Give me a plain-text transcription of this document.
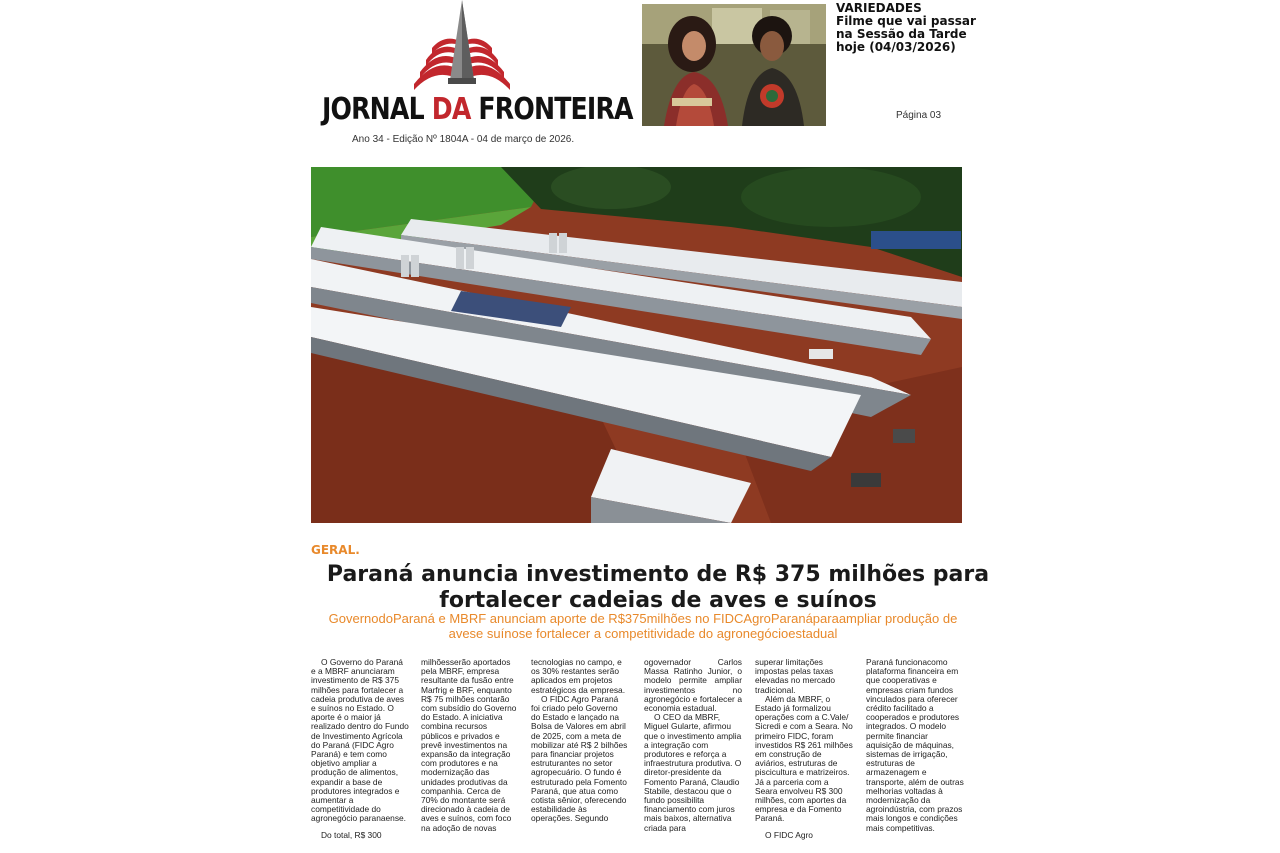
JORNAL DA FRONTEIRA
Ano 34 - Edição Nº 1804A - 04 de março de 2026.
VARIEDADES
Filme que vai passar na Sessão da Tarde hoje (04/03/2026)
Página 03
GERAL.
Paraná anuncia investimento de R$ 375 milhões para fortalecer cadeias de aves e suínos
GovernodoParaná e MBRF anunciam aporte de R$375milhões no FIDCAgroParanáparaampliar produção de avese suínose fortalecer a competitividade do agronegócioestadual
O Governo do Paraná e a MBRF anunciaram investimento de R$ 375 milhões para fortalecer a cadeia produtiva de aves e suínos no Estado. O aporte é o maior já realizado dentro do Fundo de Investimento Agrícola do Paraná (FIDC Agro Paraná) e tem como objetivo ampliar a produção de alimentos, expandir a base de produtores integrados e aumentar a competitividade do agronegócio paranaense.
Do total, R$ 300
milhõesserão aportados pela MBRF, empresa resultante da fusão entre Marfrig e BRF, enquanto R$ 75 milhões contarão com subsídio do Governo do Estado. A iniciativa combina recursos públicos e privados e prevê investimentos na expansão da integração com produtores e na modernização das unidades produtivas da companhia. Cerca de 70% do montante será direcionado à cadeia de aves e suínos, com foco na adoção de novas
tecnologias no campo, e os 30% restantes serão aplicados em projetos estratégicos da empresa.
O FIDC Agro Paraná foi criado pelo Governo do Estado e lançado na Bolsa de Valores em abril de 2025, com a meta de mobilizar até R$ 2 bilhões para financiar projetos estruturantes no setor agropecuário. O fundo é estruturado pela Fomento Paraná, que atua como cotista sênior, oferecendo estabilidade às operações. Segundo
ogovernador Carlos Massa Ratinho Junior, o modelo permite ampliar investimentos no agronegócio e fortalecer a economia estadual.
O CEO da MBRF, Miguel Gularte, afirmou que o investimento amplia a integração com produtores e reforça a infraestrutura produtiva. O diretor-presidente da Fomento Paraná, Claudio Stabile, destacou que o fundo possibilita financiamento com juros mais baixos, alternativa criada para
superar limitações impostas pelas taxas elevadas no mercado tradicional.
Além da MBRF, o Estado já formalizou operações com a C.Vale/ Sicredi e com a Seara. No primeiro FIDC, foram investidos R$ 261 milhões em construção de aviários, estruturas de piscicultura e matrizeiros. Já a parceria com a Seara envolveu R$ 300 milhões, com aportes da empresa e da Fomento Paraná.
O FIDC Agro
Paraná funcionacomo plataforma financeira em que cooperativas e empresas criam fundos vinculados para oferecer crédito facilitado a cooperados e produtores integrados. O modelo permite financiar aquisição de máquinas, sistemas de irrigação, estruturas de armazenagem e transporte, além de outras melhorias voltadas à modernização da agroindústria, com prazos mais longos e condições mais competitivas.
